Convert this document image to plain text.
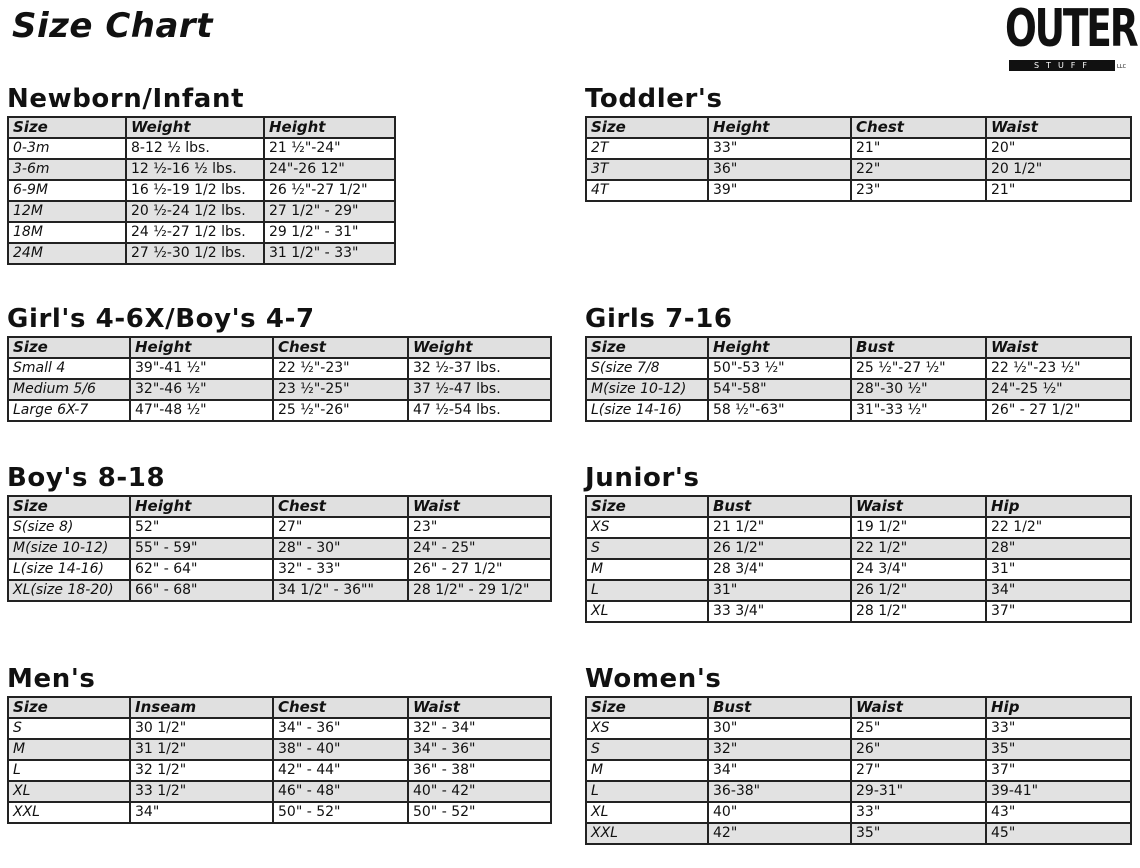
Size Chart	OUTER
STUFF	LLC
Newborn/Infant
Size	Weight	Height
0-3m	8-12 ½ lbs.	21 ½"-24"
3-6m	12 ½-16 ½ lbs.	24"-26 12"
6-9M	16 ½-19 1/2 lbs.	26 ½"-27 1/2"
12M	20 ½-24 1/2 lbs.	27 1/2" - 29"
18M	24 ½-27 1/2 lbs.	29 1/2" - 31"
24M	27 ½-30 1/2 lbs.	31 1/2" - 33"
Toddler's
Size	Height	Chest	Waist
2T	33"	21"	20"
3T	36"	22"	20 1/2"
4T	39"	23"	21"
Girl's 4-6X/Boy's 4-7
Size	Height	Chest	Weight
Small 4	39"-41 ½"	22 ½"-23"	32 ½-37 lbs.
Medium 5/6	32"-46 ½"	23 ½"-25"	37 ½-47 lbs.
Large 6X-7	47"-48 ½"	25 ½"-26"	47 ½-54 lbs.
Girls 7-16
Size	Height	Bust	Waist
S(size 7/8	50"-53 ½"	25 ½"-27 ½"	22 ½"-23 ½"
M(size 10-12)	54"-58"	28"-30 ½"	24"-25 ½"
L(size 14-16)	58 ½"-63"	31"-33 ½"	26" - 27 1/2"
Boy's 8-18
Size	Height	Chest	Waist
S(size 8)	52"	27"	23"
M(size 10-12)	55" - 59"	28" - 30"	24" - 25"
L(size 14-16)	62" - 64"	32" - 33"	26" - 27 1/2"
XL(size 18-20)	66" - 68"	34 1/2" - 36""	28 1/2" - 29 1/2"
Junior's
Size	Bust	Waist	Hip
XS	21 1/2"	19 1/2"	22 1/2"
S	26 1/2"	22 1/2"	28"
M	28 3/4"	24 3/4"	31"
L	31"	26 1/2"	34"
XL	33 3/4"	28 1/2"	37"
Men's
Size	Inseam	Chest	Waist
S	30 1/2"	34" - 36"	32" - 34"
M	31 1/2"	38" - 40"	34" - 36"
L	32 1/2"	42" - 44"	36" - 38"
XL	33 1/2"	46" - 48"	40" - 42"
XXL	34"	50" - 52"	50" - 52"
Women's
Size	Bust	Waist	Hip
XS	30"	25"	33"
S	32"	26"	35"
M	34"	27"	37"
L	36-38"	29-31"	39-41"
XL	40"	33"	43"
XXL	42"	35"	45"
